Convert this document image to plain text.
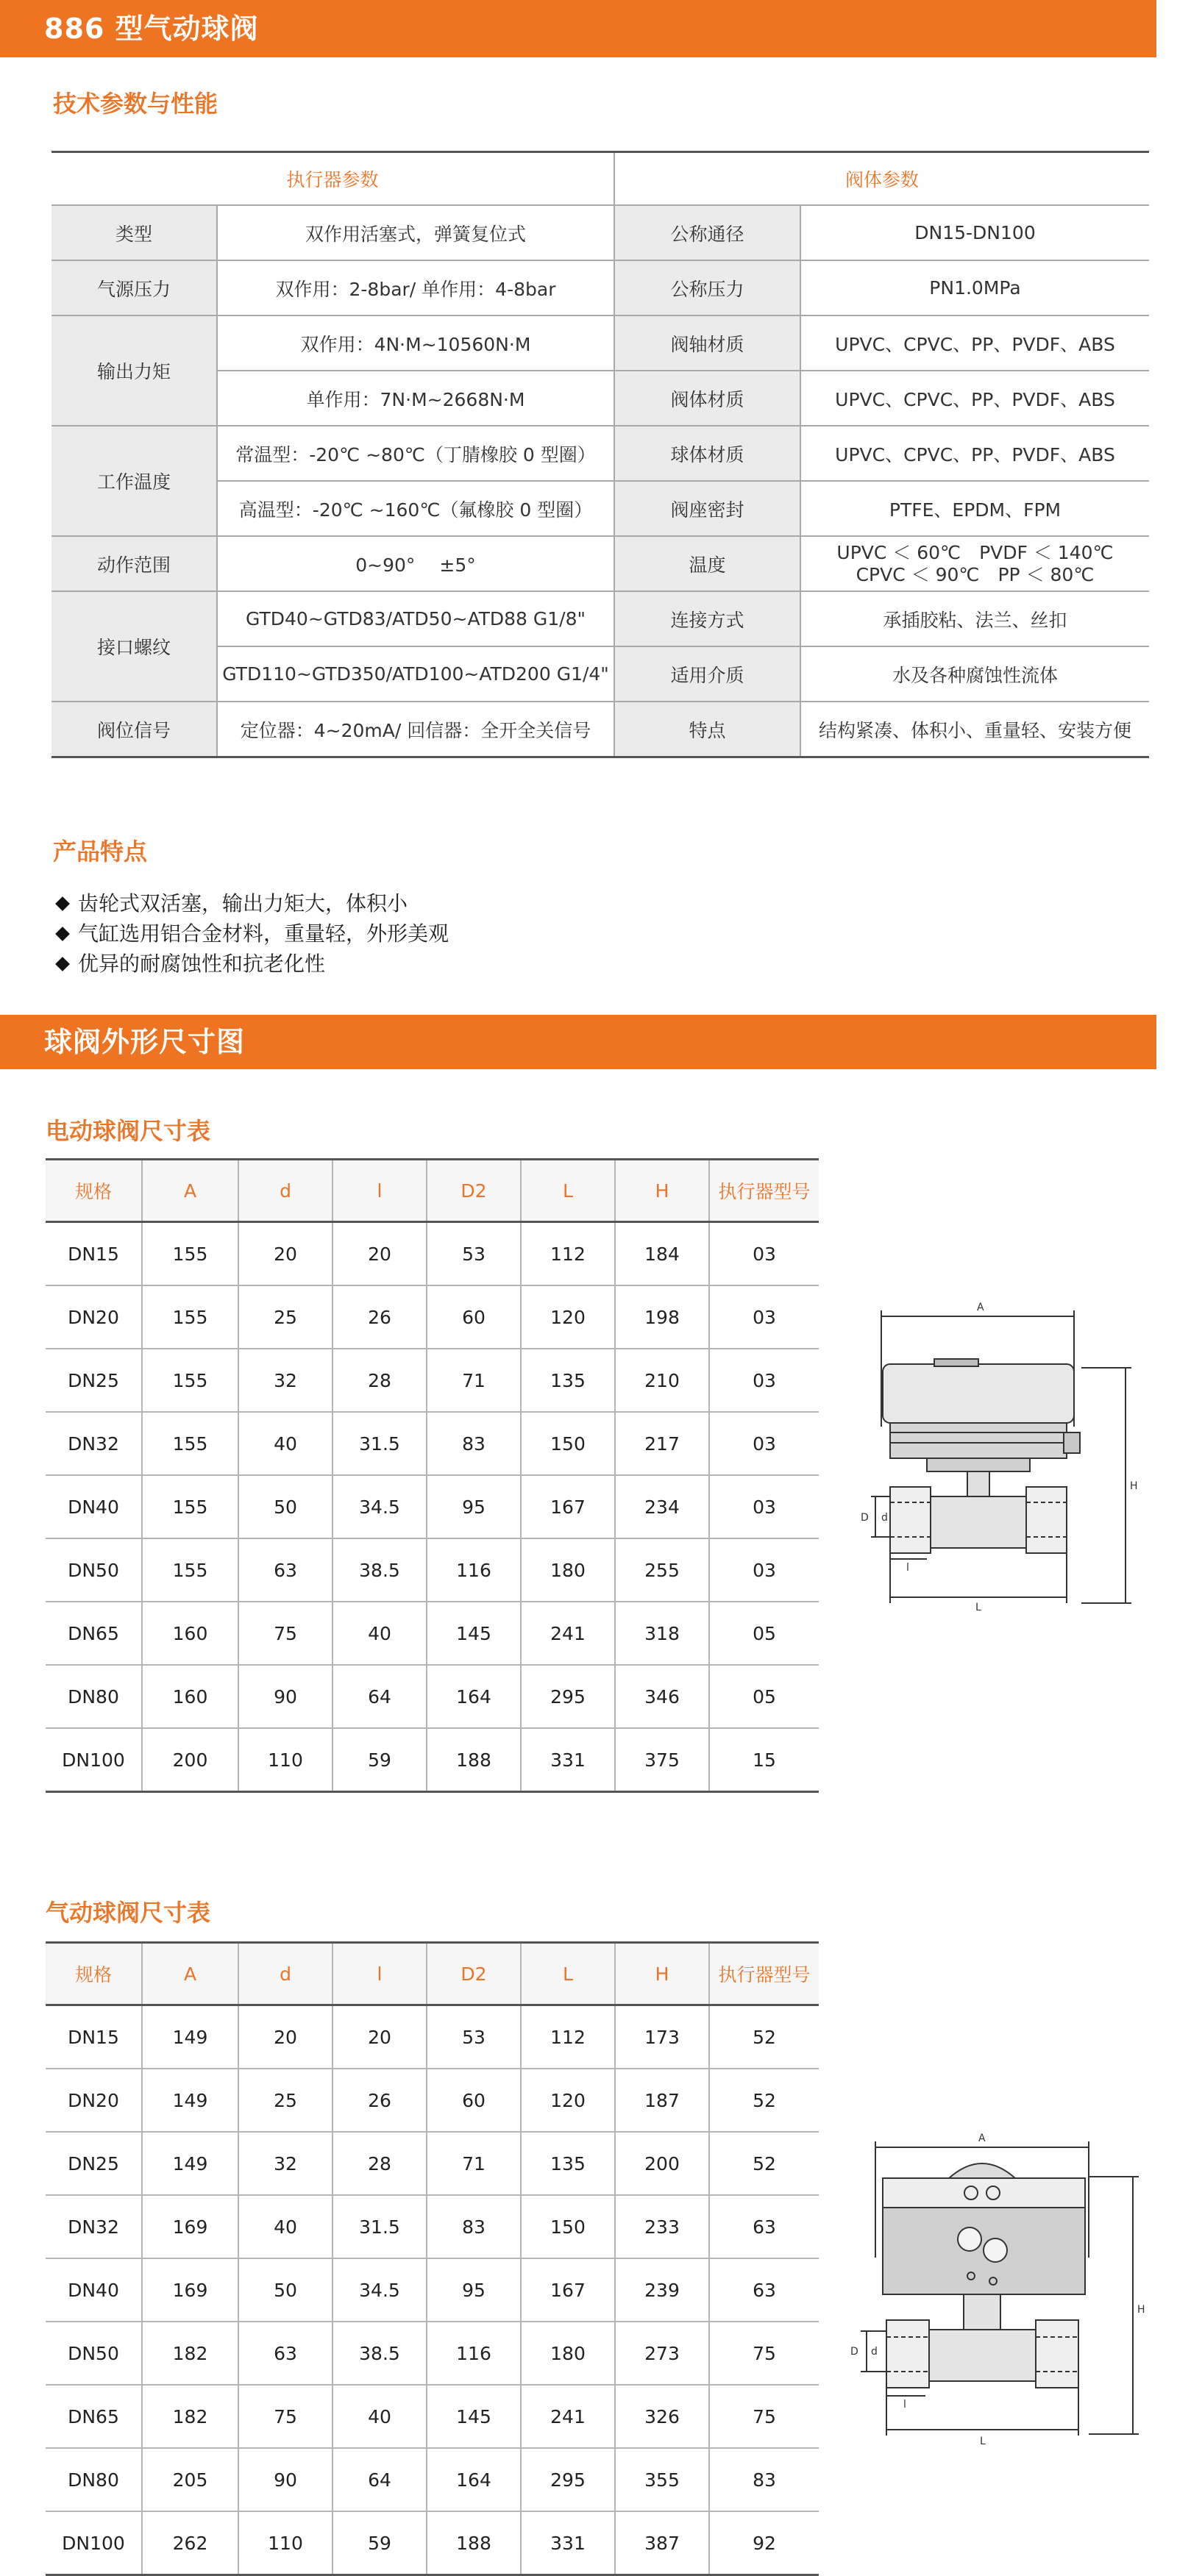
886 型气动球阀
技术参数与性能
执行器参数		阀体参数	
类型	双作用活塞式，弹簧复位式	公称通径	DN15-DN100
气源压力	双作用：2-8bar/ 单作用：4-8bar	公称压力	PN1.0MPa
输出力矩	双作用：4N·M~10560N·M	阀轴材质	UPVC、CPVC、PP、PVDF、ABS
	单作用：7N·M~2668N·M	阀体材质	UPVC、CPVC、PP、PVDF、ABS
工作温度	常温型：-20℃ ~80℃（丁腈橡胶 0 型圈）	球体材质	UPVC、CPVC、PP、PVDF、ABS
	高温型：-20℃ ~160℃（氟橡胶 0 型圈）	阀座密封	PTFE、EPDM、FPM
动作范围	0~90°　 ±5°	温度	UPVC ＜ 60℃　PVDF ＜ 140℃
CPVC ＜ 90℃　PP ＜ 80℃

接口螺纹	GTD40~GTD83/ATD50~ATD88 G1/8"	连接方式	承插胶粘、法兰、丝扣
	GTD110~GTD350/ATD100~ATD200 G1/4"	适用介质	水及各种腐蚀性流体
阀位信号	定位器：4~20mA/ 回信器：全开全关信号	特点	结构紧凑、体积小、重量轻、安装方便
产品特点
齿轮式双活塞，输出力矩大，体积小
气缸选用铝合金材料，重量轻，外形美观
优异的耐腐蚀性和抗老化性
球阀外形尺寸图
电动球阀尺寸表
规格	A	d	l	D2	L	H	执行器型号
DN15	155	20	20	53	112	184	03
DN20	155	25	26	60	120	198	03
DN25	155	32	28	71	135	210	03
DN32	155	40	31.5	83	150	217	03
DN40	155	50	34.5	95	167	234	03
DN50	155	63	38.5	116	180	255	03
DN65	160	75	40	145	241	318	05
DN80	160	90	64	164	295	346	05
DN100	200	110	59	188	331	375	15
A
H
D d
l
L
气动球阀尺寸表
规格	A	d	l	D2	L	H	执行器型号
DN15	149	20	20	53	112	173	52
DN20	149	25	26	60	120	187	52
DN25	149	32	28	71	135	200	52
DN32	169	40	31.5	83	150	233	63
DN40	169	50	34.5	95	167	239	63
DN50	182	63	38.5	116	180	273	75
DN65	182	75	40	145	241	326	75
DN80	205	90	64	164	295	355	83
DN100	262	110	59	188	331	387	92
A
H
D d
l
L
